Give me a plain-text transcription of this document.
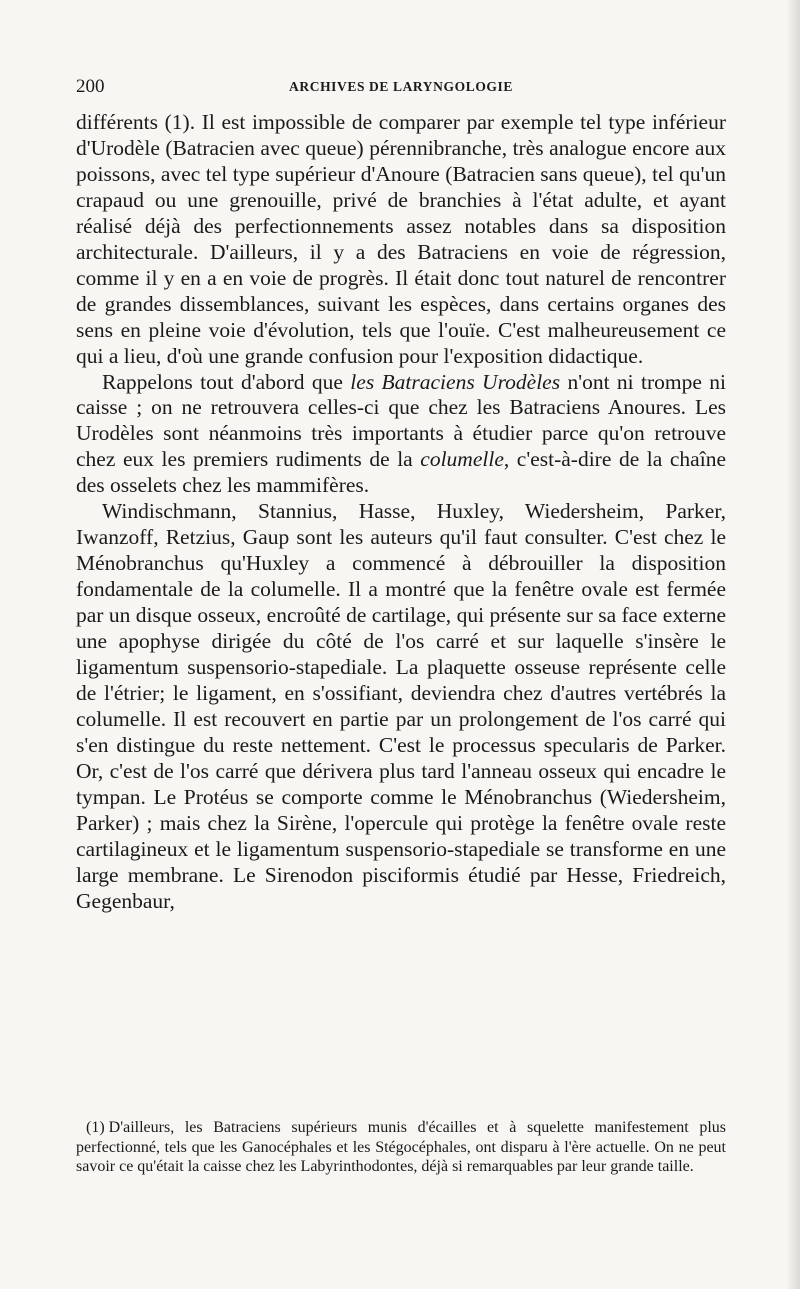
200	ARCHIVES DE LARYNGOLOGIE

différents (1). Il est impossible de comparer par exemple tel type inférieur d'Urodèle (Batracien avec queue) pérennibranche, très analogue encore aux poissons, avec tel type supérieur d'Anoure (Batracien sans queue), tel qu'un crapaud ou une grenouille, privé de branchies à l'état adulte, et ayant réalisé déjà des perfectionnements assez notables dans sa disposition architecturale. D'ailleurs, il y a des Batraciens en voie de régression, comme il y en a en voie de progrès. Il était donc tout naturel de rencontrer de grandes dissemblances, suivant les espèces, dans certains organes des sens en pleine voie d'évolution, tels que l'ouïe. C'est malheureusement ce qui a lieu, d'où une grande confusion pour l'exposition didactique.

Rappelons tout d'abord que les Batraciens Urodèles n'ont ni trompe ni caisse ; on ne retrouvera celles-ci que chez les Batraciens Anoures. Les Urodèles sont néanmoins très importants à étudier parce qu'on retrouve chez eux les premiers rudiments de la columelle, c'est-à-dire de la chaîne des osselets chez les mammifères.

Windischmann, Stannius, Hasse, Huxley, Wiedersheim, Parker, Iwanzoff, Retzius, Gaup sont les auteurs qu'il faut consulter. C'est chez le Ménobranchus qu'Huxley a commencé à débrouiller la disposition fondamentale de la columelle. Il a montré que la fenêtre ovale est fermée par un disque osseux, encroûté de cartilage, qui présente sur sa face externe une apophyse dirigée du côté de l'os carré et sur laquelle s'insère le ligamentum suspensorio-stapediale. La plaquette osseuse représente celle de l'étrier; le ligament, en s'ossifiant, deviendra chez d'autres vertébrés la columelle. Il est recouvert en partie par un prolongement de l'os carré qui s'en distingue du reste nettement. C'est le processus specularis de Parker. Or, c'est de l'os carré que dérivera plus tard l'anneau osseux qui encadre le tympan. Le Protéus se comporte comme le Ménobranchus (Wiedersheim, Parker) ; mais chez la Sirène, l'opercule qui protège la fenêtre ovale reste cartilagineux et le ligamentum suspensorio-stapediale se transforme en une large membrane. Le Sirenodon pisciformis étudié par Hesse, Friedreich, Gegenbaur,

(1) D'ailleurs, les Batraciens supérieurs munis d'écailles et à squelette manifestement plus perfectionné, tels que les Ganocéphales et les Stégocéphales, ont disparu à l'ère actuelle. On ne peut savoir ce qu'était la caisse chez les Labyrinthodontes, déjà si remarquables par leur grande taille.
